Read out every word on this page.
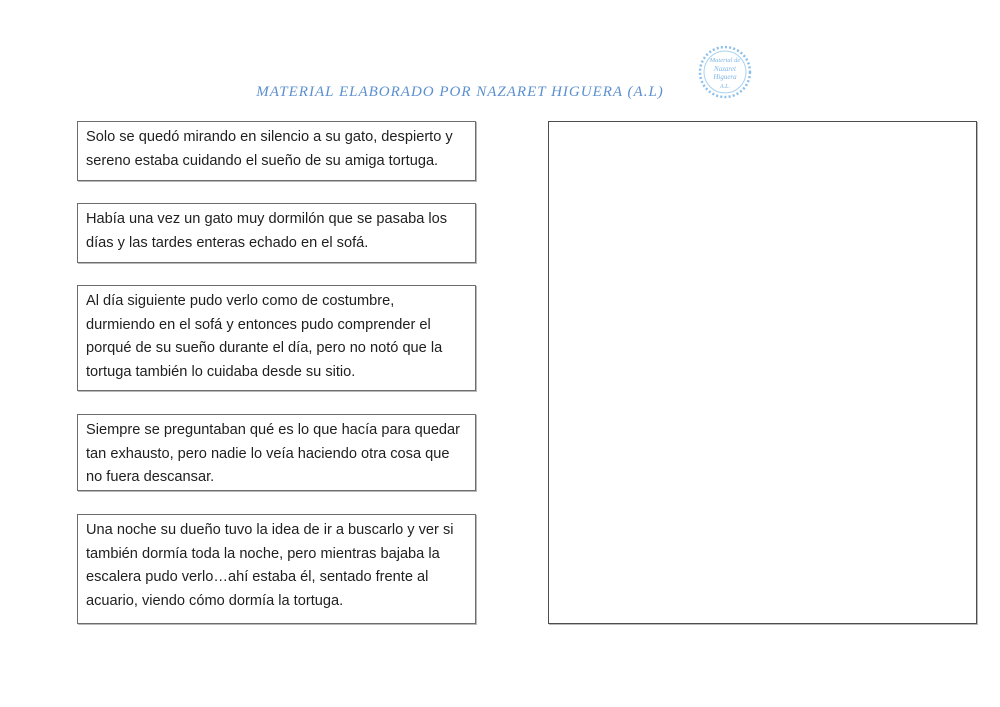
MATERIAL ELABORADO POR NAZARET HIGUERA (A.L)
Material de
Nazaret
Higuera
A.L.
Solo se quedó mirando en silencio a su gato, despierto y sereno estaba cuidando el sueño de su amiga tortuga.
Había una vez un gato muy dormilón que se pasaba los días y las tardes enteras echado en el sofá.
Al día siguiente pudo verlo como de costumbre, durmiendo en el sofá y entonces pudo comprender el porqué de su sueño durante el día, pero no notó que la tortuga también lo cuidaba desde su sitio.
Siempre se preguntaban qué es lo que hacía para quedar tan exhausto, pero nadie lo veía haciendo otra cosa que no fuera descansar.
Una noche su dueño tuvo la idea de ir a buscarlo y ver si también dormía toda la noche, pero mientras bajaba la escalera pudo verlo…ahí estaba él, sentado frente al acuario, viendo cómo dormía la tortuga.
